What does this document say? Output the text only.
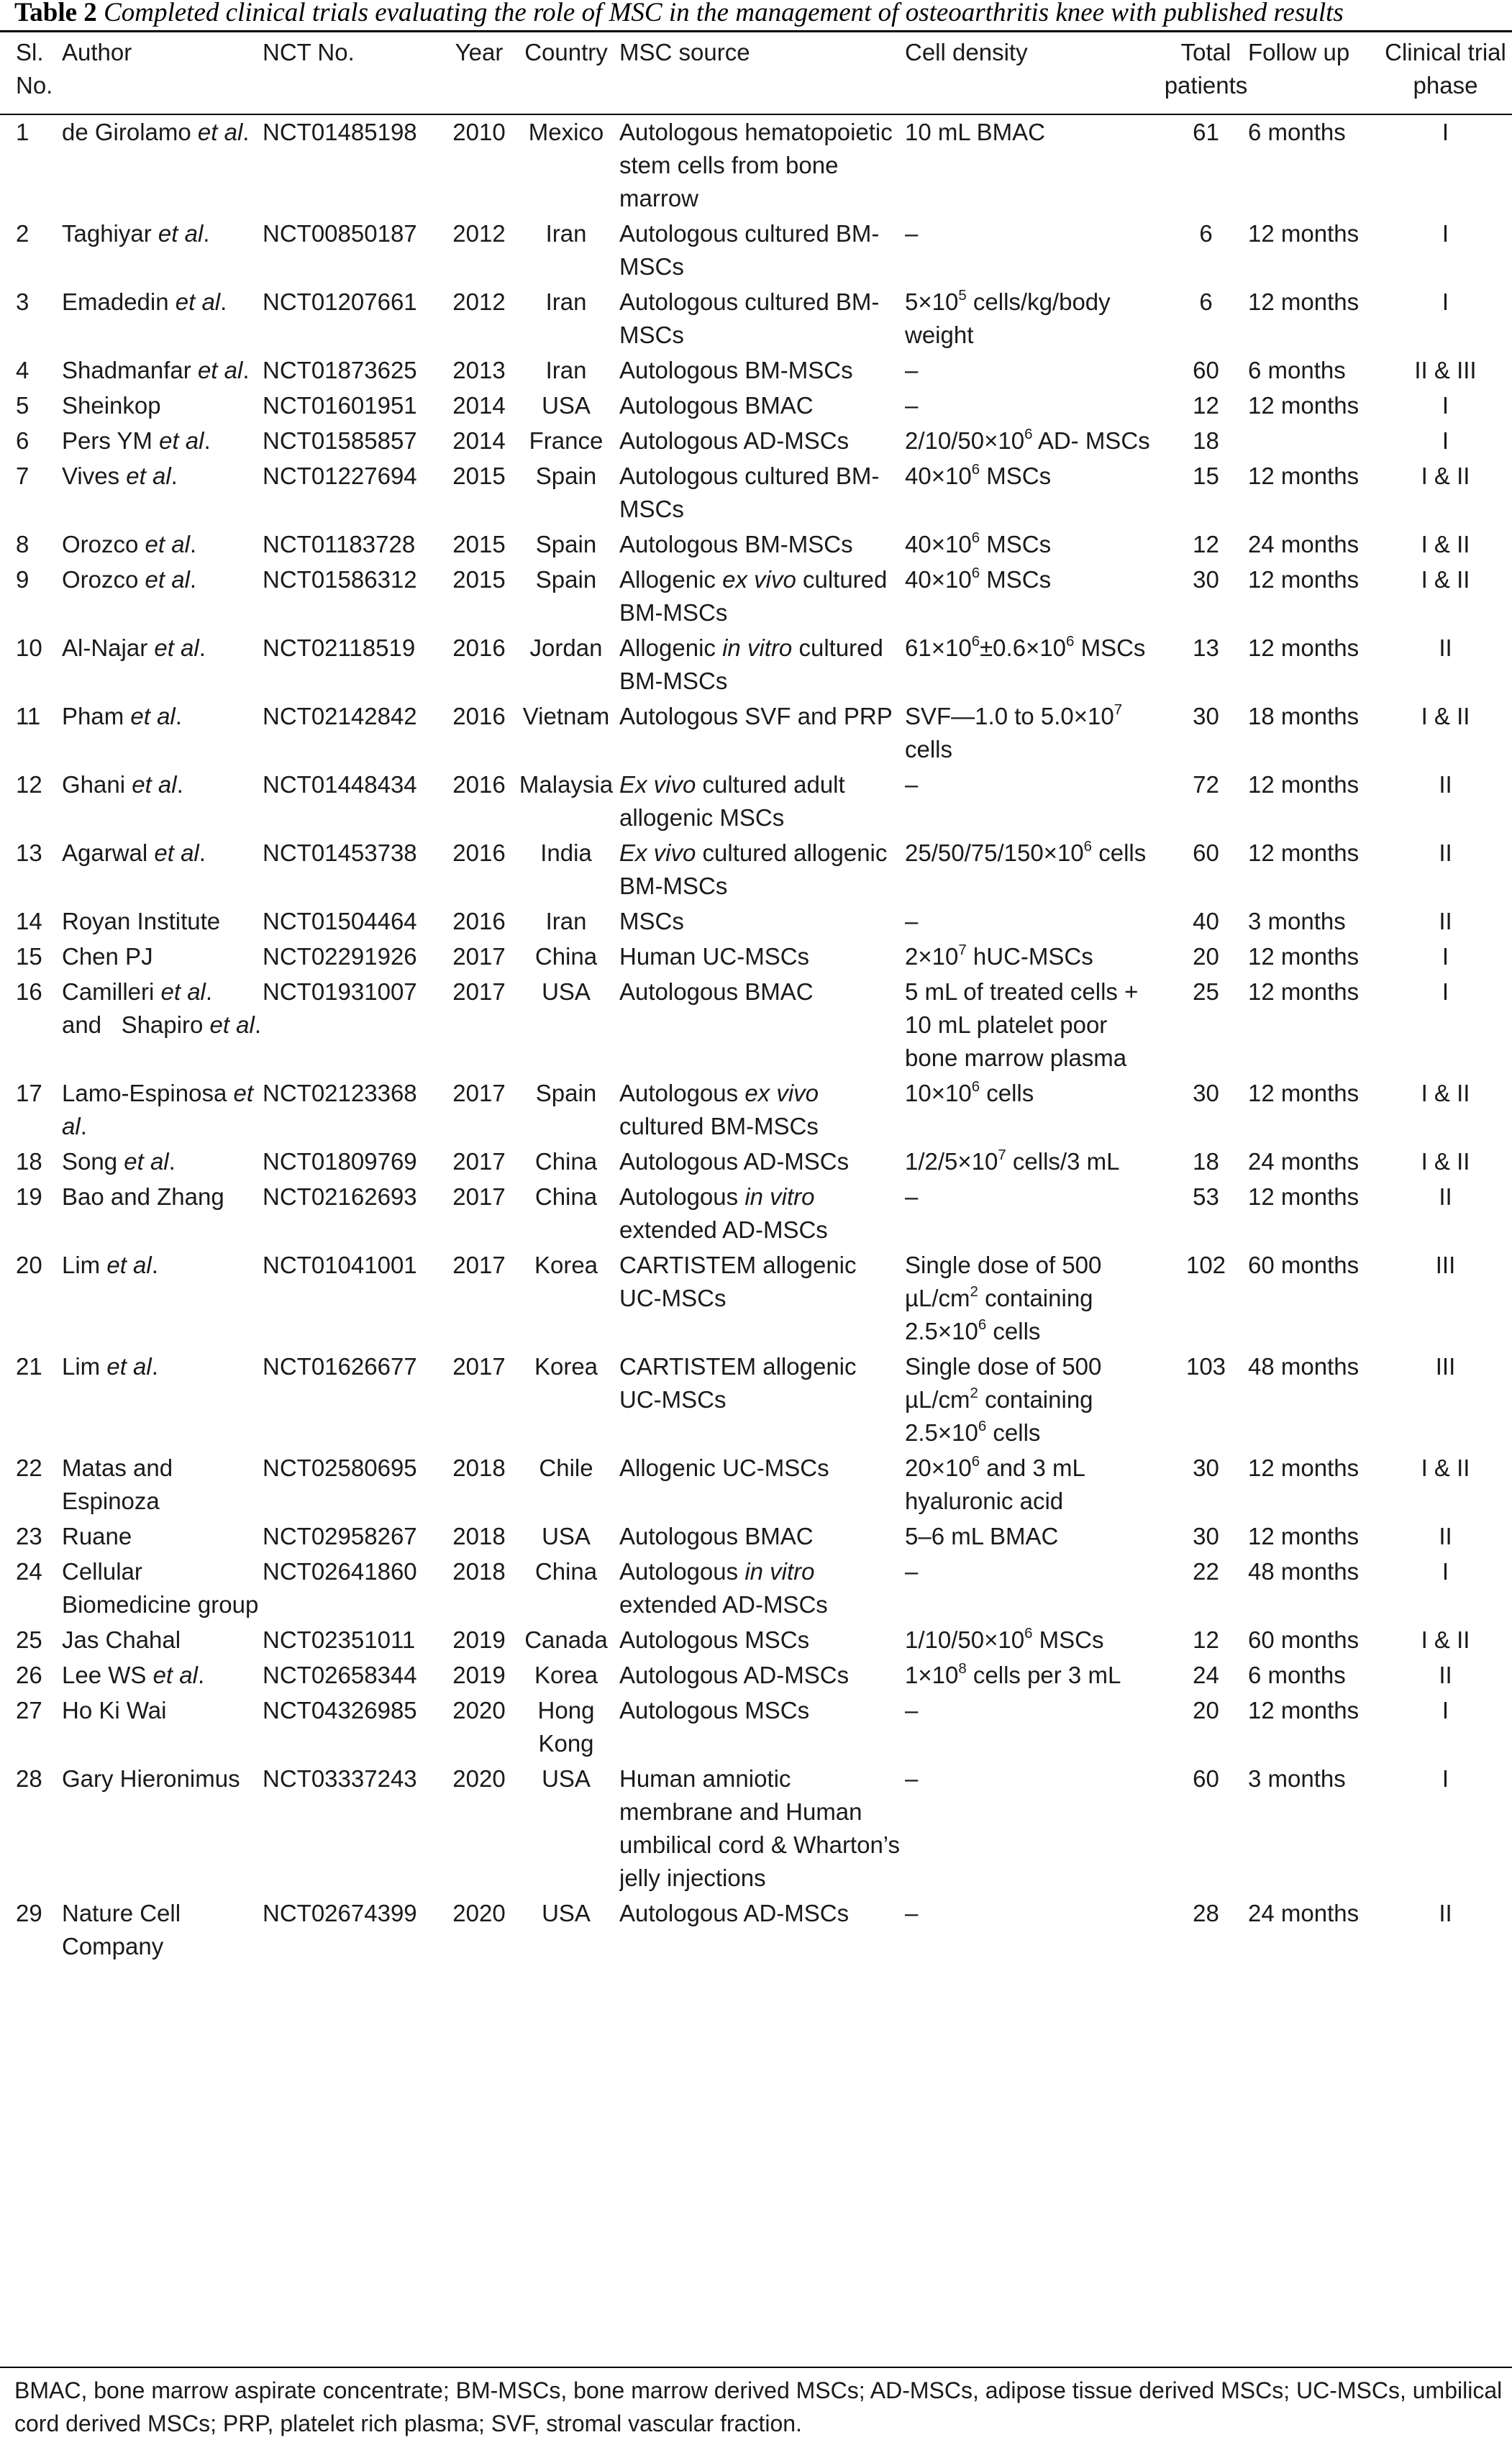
Table 2 Completed clinical trials evaluating the role of MSC in the management of osteoarthritis knee with published results
Sl. No.	Author	NCT No.	Year	Country	MSC source	Cell density	Total patients	Follow up	Clinical trial phase
1	de Girolamo et al.	NCT01485198	2010	Mexico	Autologous hematopoietic stem cells from bone marrow	10 mL BMAC	61	6 months	I
2	Taghiyar et al.	NCT00850187	2012	Iran	Autologous cultured BM-MSCs	–	6	12 months	I
3	Emadedin et al.	NCT01207661	2012	Iran	Autologous cultured BM-MSCs	$5\times 10^5$ cells/kg/body weight	6	12 months	I
4	Shadmanfar et al.	NCT01873625	2013	Iran	Autologous BM-MSCs	–	60	6 months	II & III
5	Sheinkop	NCT01601951	2014	USA	Autologous BMAC	–	12	12 months	I
6	Pers YM et al.	NCT01585857	2014	France	Autologous AD-MSCs	$2/10/50\times 10^6$ AD- MSCs	18		I
7	Vives et al.	NCT01227694	2015	Spain	Autologous cultured BM-MSCs	$40\times 10^6$ MSCs	15	12 months	I & II
8	Orozco et al.	NCT01183728	2015	Spain	Autologous BM-MSCs	$40\times 10^6$ MSCs	12	24 months	I & II
9	Orozco et al.	NCT01586312	2015	Spain	Allogenic ex vivo cultured BM-MSCs	$40\times 10^6$ MSCs	30	12 months	I & II
10	Al-Najar et al.	NCT02118519	2016	Jordan	Allogenic in vitro cultured BM-MSCs	$61\times 10^6\pm 0.6\times 10^6$ MSCs	13	12 months	II
11	Pham et al.	NCT02142842	2016	Vietnam	Autologous SVF and PRP	SVF—1.0 to $5.0\times 10^7$ cells	30	18 months	I & II
12	Ghani et al.	NCT01448434	2016	Malaysia	Ex vivo cultured adult allogenic MSCs	–	72	12 months	II
13	Agarwal et al.	NCT01453738	2016	India	Ex vivo cultured allogenic BM-MSCs	$25/50/75/150\times 10^6$ cells	60	12 months	II
14	Royan Institute	NCT01504464	2016	Iran	MSCs	–	40	3 months	II
15	Chen PJ	NCT02291926	2017	China	Human UC-MSCs	$2\times 10^7$ hUC-MSCs	20	12 months	I
16	Camilleri et al. and   Shapiro et al.	NCT01931007	2017	USA	Autologous BMAC	5 mL of treated cells + 10 mL platelet poor bone marrow plasma	25	12 months	I
17	Lamo-Espinosa et al.	NCT02123368	2017	Spain	Autologous ex vivo cultured BM-MSCs	$10\times 10^6$ cells	30	12 months	I & II
18	Song et al.	NCT01809769	2017	China	Autologous AD-MSCs	$1/2/5\times 10^7$ cells/3 mL	18	24 months	I & II
19	Bao and Zhang	NCT02162693	2017	China	Autologous in vitro extended AD-MSCs	–	53	12 months	II
20	Lim et al.	NCT01041001	2017	Korea	CARTISTEM allogenic UC-MSCs	Single dose of 500 $\mu L/cm^2$ containing $2.5\times 10^6$ cells	102	60 months	III
21	Lim et al.	NCT01626677	2017	Korea	CARTISTEM allogenic UC-MSCs	Single dose of 500 $\mu L/cm^2$ containing $2.5\times 10^6$ cells	103	48 months	III
22	Matas and Espinoza	NCT02580695	2018	Chile	Allogenic UC-MSCs	$20\times 10^6$ and 3 mL hyaluronic acid	30	12 months	I & II
23	Ruane	NCT02958267	2018	USA	Autologous BMAC	5–6 mL BMAC	30	12 months	II
24	Cellular Biomedicine group	NCT02641860	2018	China	Autologous in vitro extended AD-MSCs	–	22	48 months	I
25	Jas Chahal	NCT02351011	2019	Canada	Autologous MSCs	$1/10/50\times 10^6$ MSCs	12	60 months	I & II
26	Lee WS et al.	NCT02658344	2019	Korea	Autologous AD-MSCs	$1\times 10^8$ cells per 3 mL	24	6 months	II
27	Ho Ki Wai	NCT04326985	2020	Hong Kong	Autologous MSCs	–	20	12 months	I
28	Gary Hieronimus	NCT03337243	2020	USA	Human amniotic membrane and Human umbilical cord & Wharton’s jelly injections	–	60	3 months	I
29	Nature Cell Company	NCT02674399	2020	USA	Autologous AD-MSCs	–	28	24 months	II
BMAC, bone marrow aspirate concentrate; BM-MSCs, bone marrow derived MSCs; AD-MSCs, adipose tissue derived MSCs; UC-MSCs, umbilical cord derived MSCs; PRP, platelet rich plasma; SVF, stromal vascular fraction.
